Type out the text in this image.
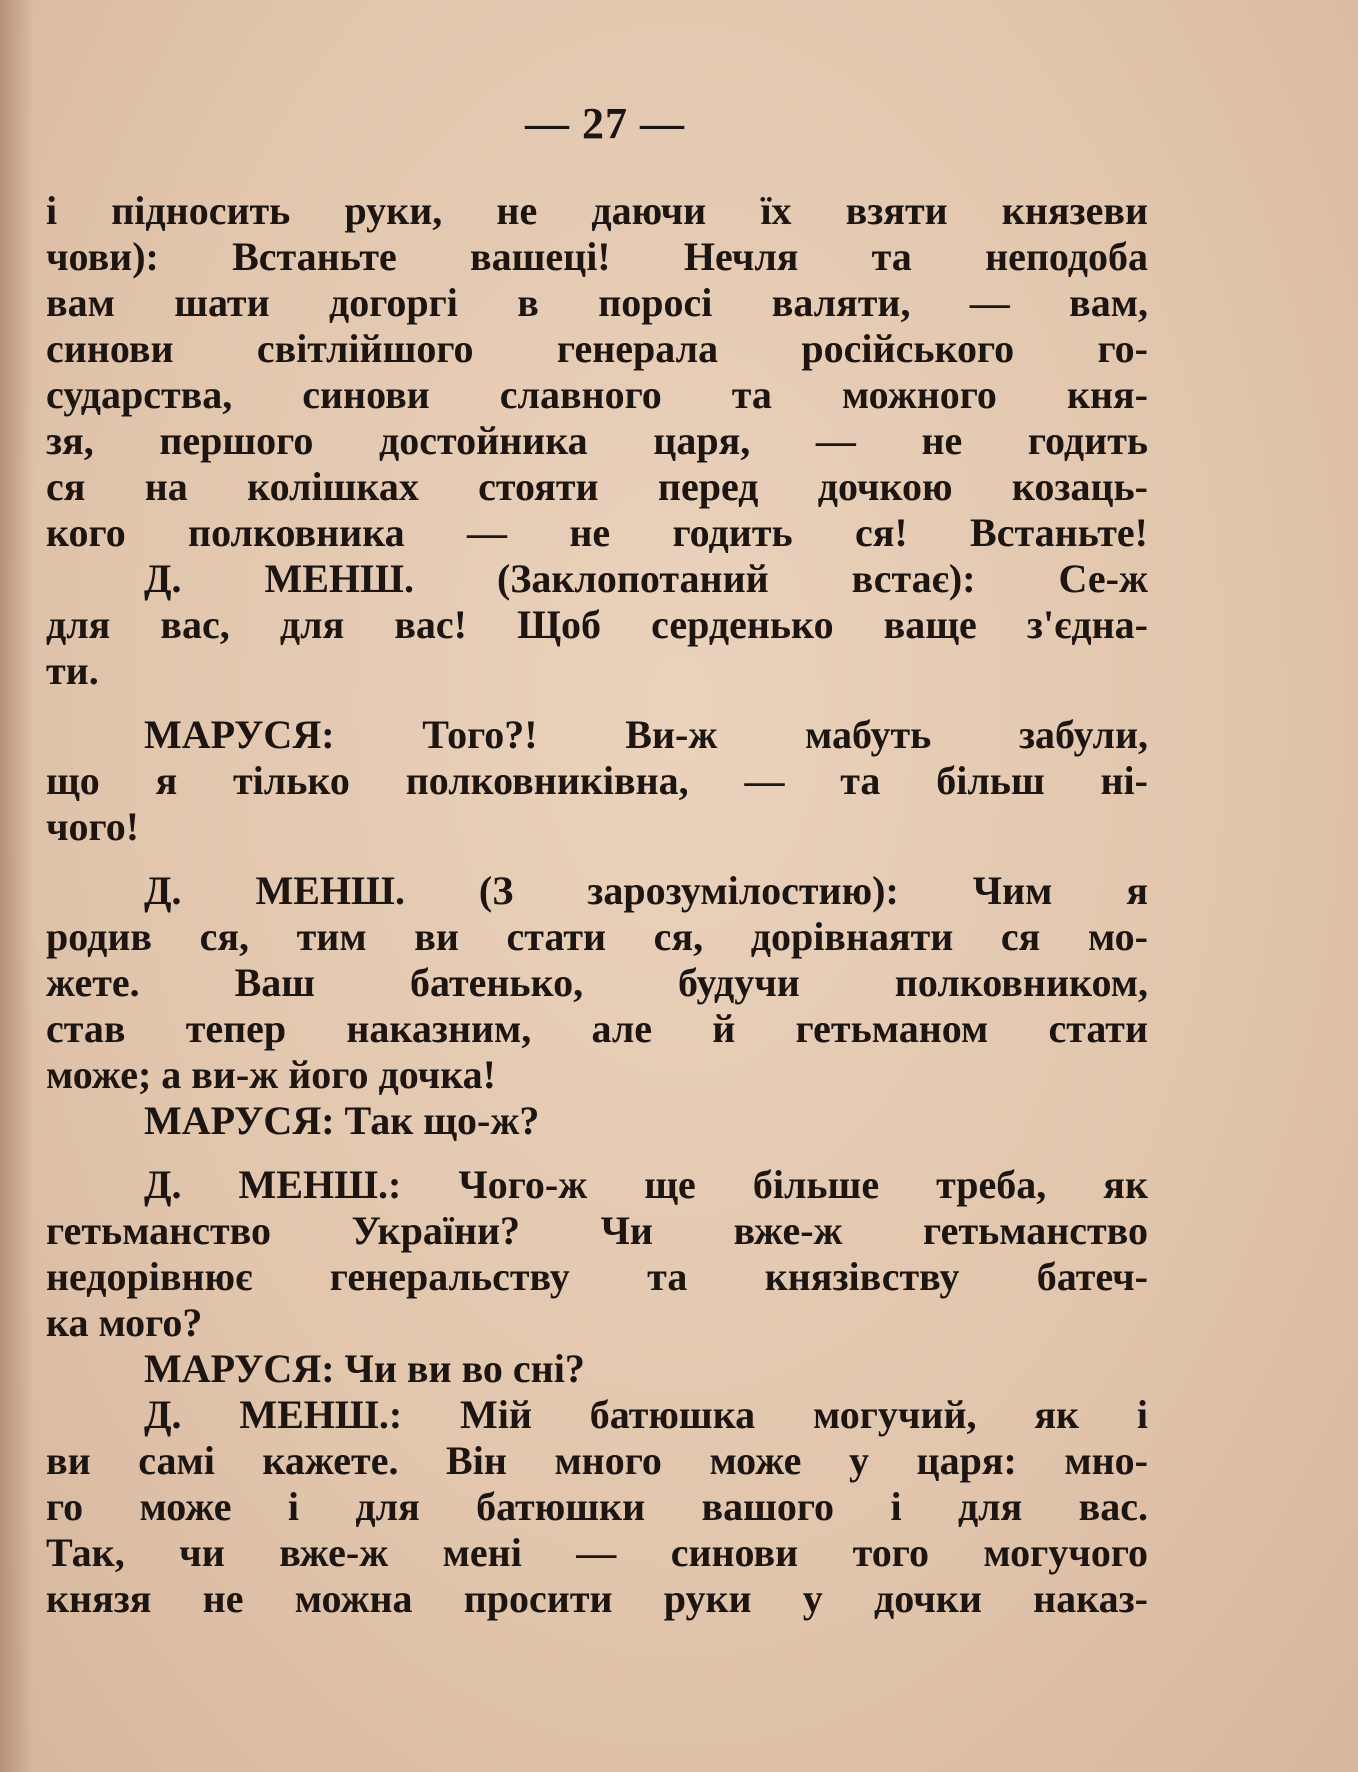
— 27 —
і підносить руки, не даючи їх взяти князеви
чови): Встаньте вашеці! Нечля та неподоба
вам шати догоргі в поросі валяти, — вам,
синови світлійшого генерала російського го-
сударства, синови славного та можного кня-
зя, першого достойника царя, — не годить
ся на колішках стояти перед дочкою козаць-
кого полковника — не годить ся! Встаньте!
Д. МЕНШ. (Заклопотаний встає): Се-ж
для вас, для вас! Щоб серденько ваще з'єдна-
ти.
МАРУСЯ: Того?! Ви-ж мабуть забули,
що я тілько полковниківна, — та більш ні-
чого!
Д. МЕНШ. (З зарозумілостию): Чим я
родив ся, тим ви стати ся, дорівнаяти ся мо-
жете. Ваш батенько, будучи полковником,
став тепер наказним, але й гетьманом стати
може; а ви-ж його дочка!
МАРУСЯ: Так що-ж?
Д. МЕНШ.: Чого-ж ще більше треба, як
гетьманство України? Чи вже-ж гетьманство
недорівнює генеральству та князівству батеч-
ка мого?
МАРУСЯ: Чи ви во сні?
Д. МЕНШ.: Мій батюшка могучий, як і
ви самі кажете. Він много може у царя: мно-
го може і для батюшки вашого і для вас.
Так, чи вже-ж мені — синови того могучого
князя не можна просити руки у дочки наказ-
